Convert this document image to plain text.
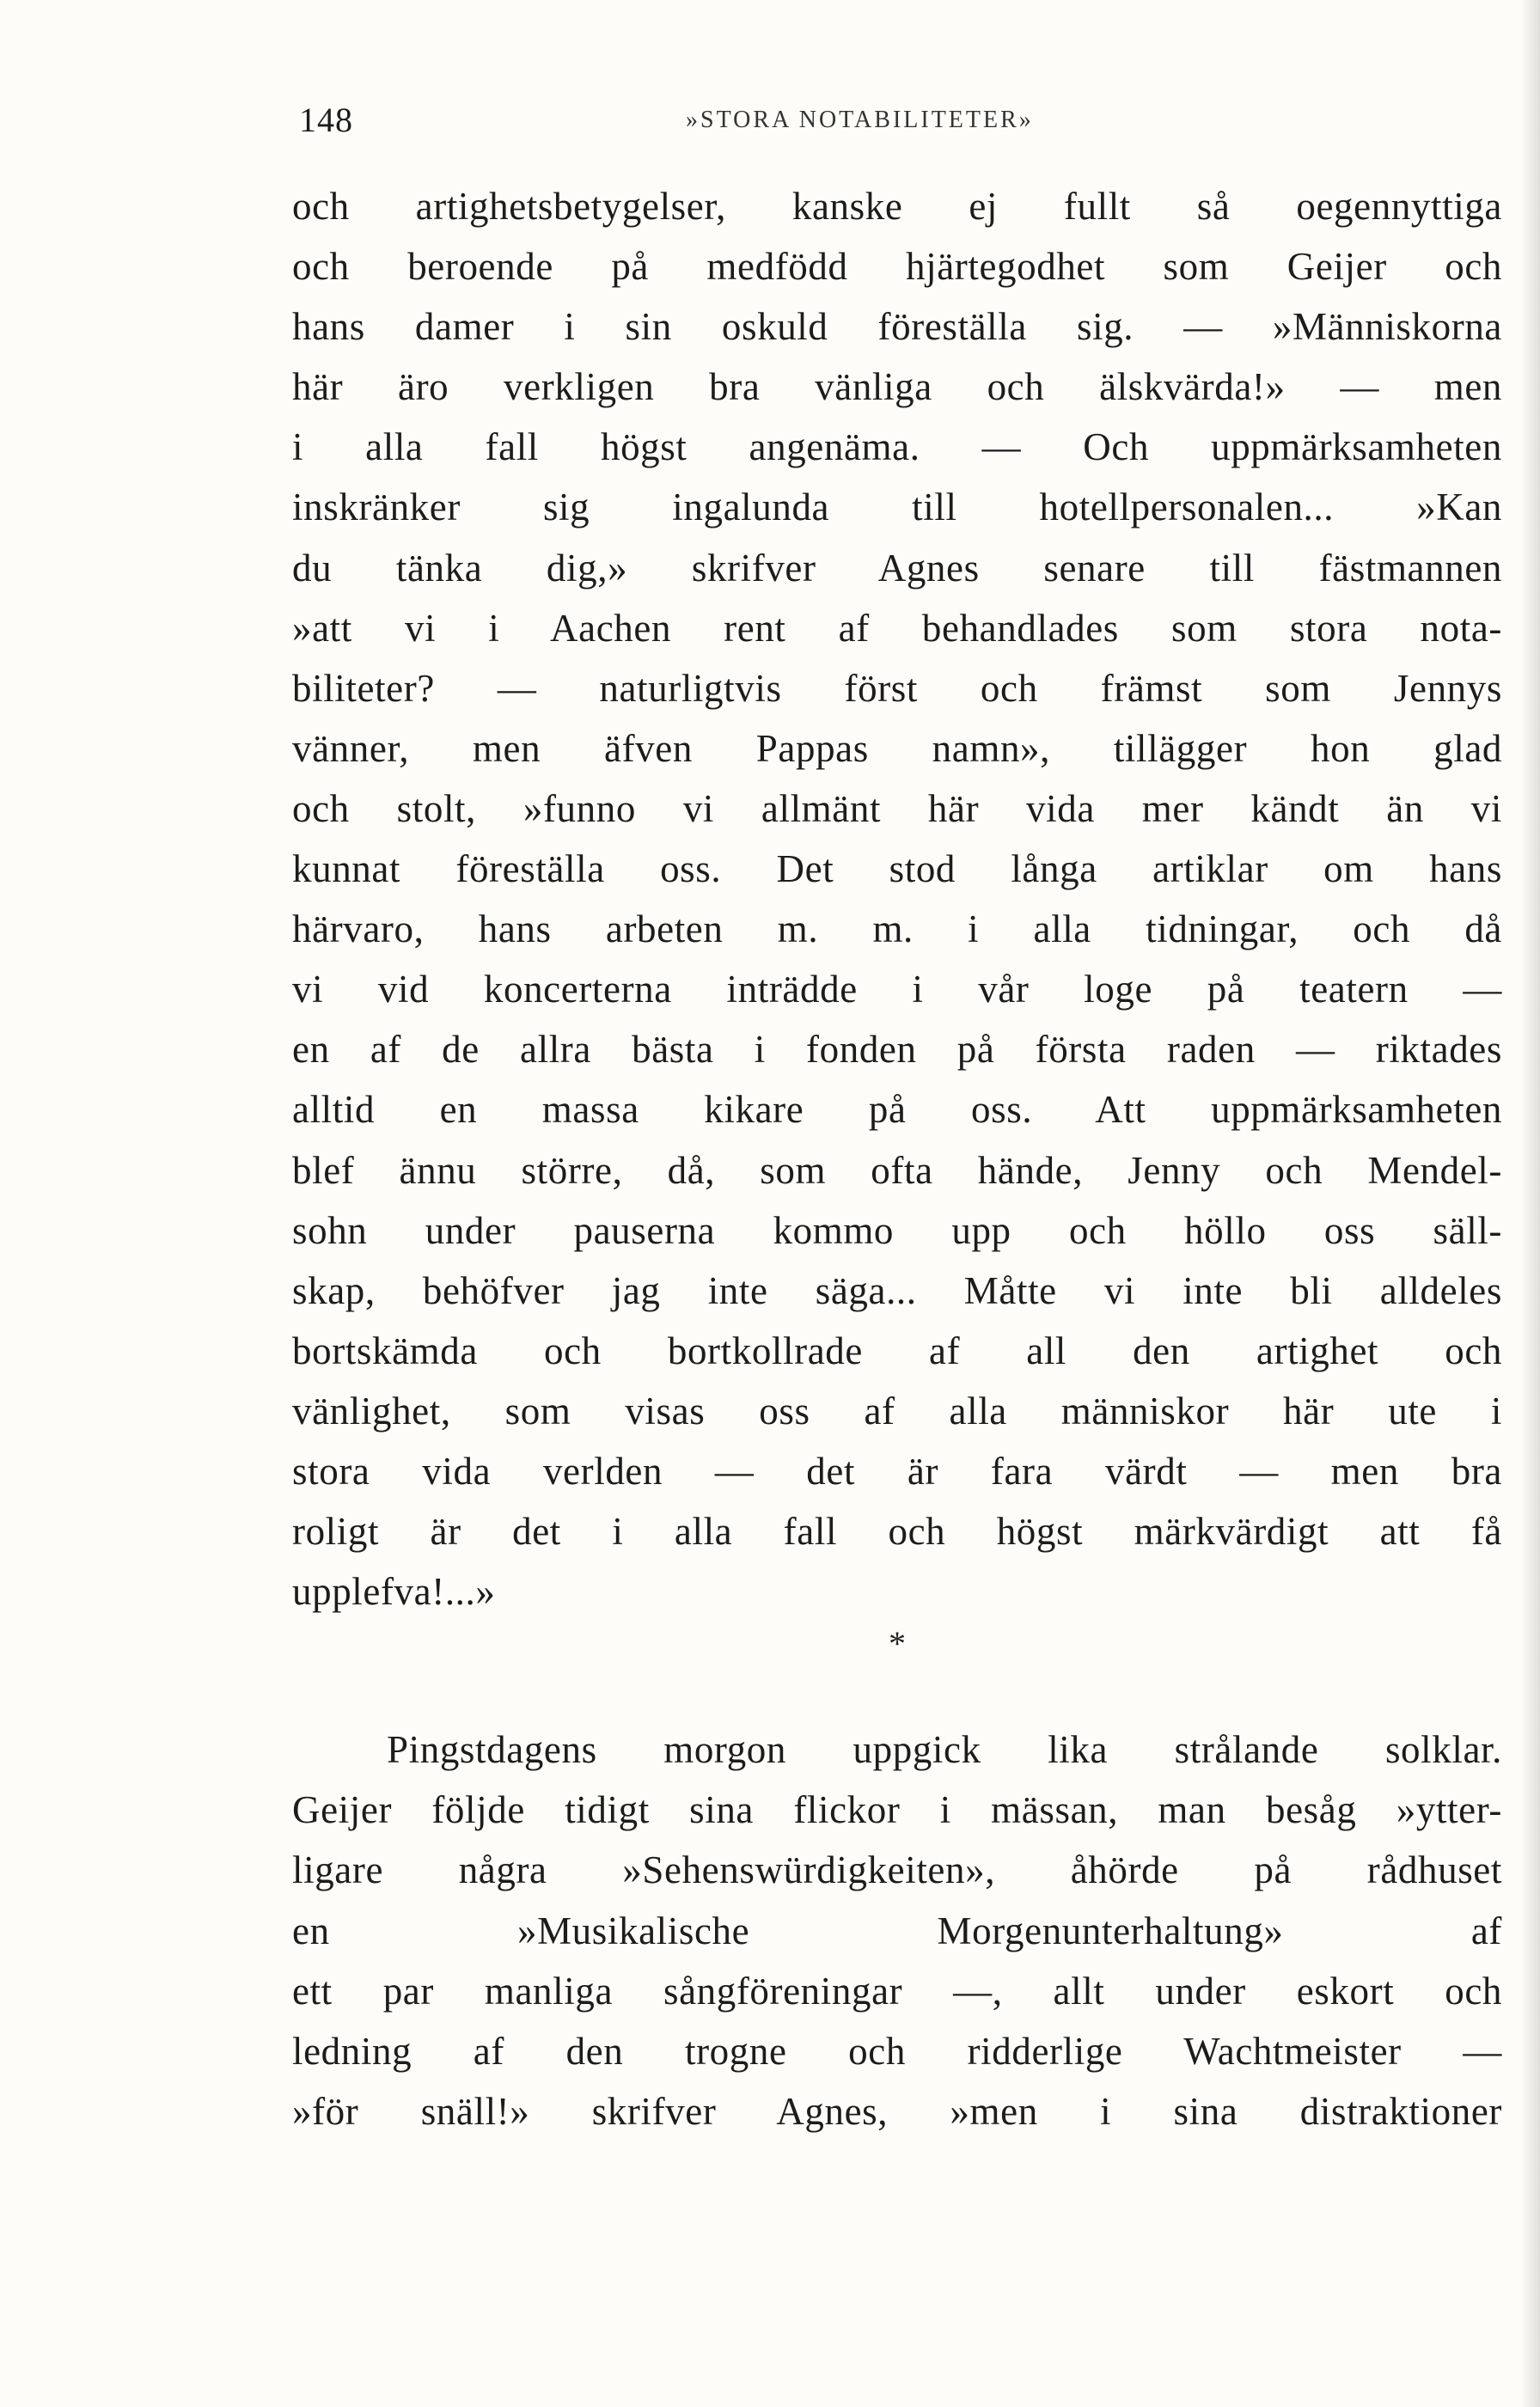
148	»STORA NOTABILITETER»
och artighetsbetygelser, kanske ej fullt så oegennyttiga
och beroende på medfödd hjärtegodhet som Geijer och
hans damer i sin oskuld föreställa sig. — »Människorna
här äro verkligen bra vänliga och älskvärda!» — men
i alla fall högst angenäma. — Och uppmärksamheten
inskränker sig ingalunda till hotellpersonalen... »Kan
du tänka dig,» skrifver Agnes senare till fästmannen
»att vi i Aachen rent af behandlades som stora nota-
biliteter? — naturligtvis först och främst som Jennys
vänner, men äfven Pappas namn», tillägger hon glad
och stolt, »funno vi allmänt här vida mer kändt än vi
kunnat föreställa oss. Det stod långa artiklar om hans
härvaro, hans arbeten m. m. i alla tidningar, och då
vi vid koncerterna inträdde i vår loge på teatern —
en af de allra bästa i fonden på första raden — riktades
alltid en massa kikare på oss. Att uppmärksamheten
blef ännu större, då, som ofta hände, Jenny och Mendel-
sohn under pauserna kommo upp och höllo oss säll-
skap, behöfver jag inte säga... Måtte vi inte bli alldeles
bortskämda och bortkollrade af all den artighet och
vänlighet, som visas oss af alla människor här ute i
stora vida verlden — det är fara värdt — men bra
roligt är det i alla fall och högst märkvärdigt att få
upplefva!...»
*
Pingstdagens morgon uppgick lika strålande solklar.
Geijer följde tidigt sina flickor i mässan, man besåg »ytter-
ligare några »Sehenswürdigkeiten», åhörde på rådhuset
en »Musikalische Morgenunterhaltung» af
ett par manliga sångföreningar —, allt under eskort och
ledning af den trogne och ridderlige Wachtmeister —
»för snäll!» skrifver Agnes, »men i sina distraktioner
